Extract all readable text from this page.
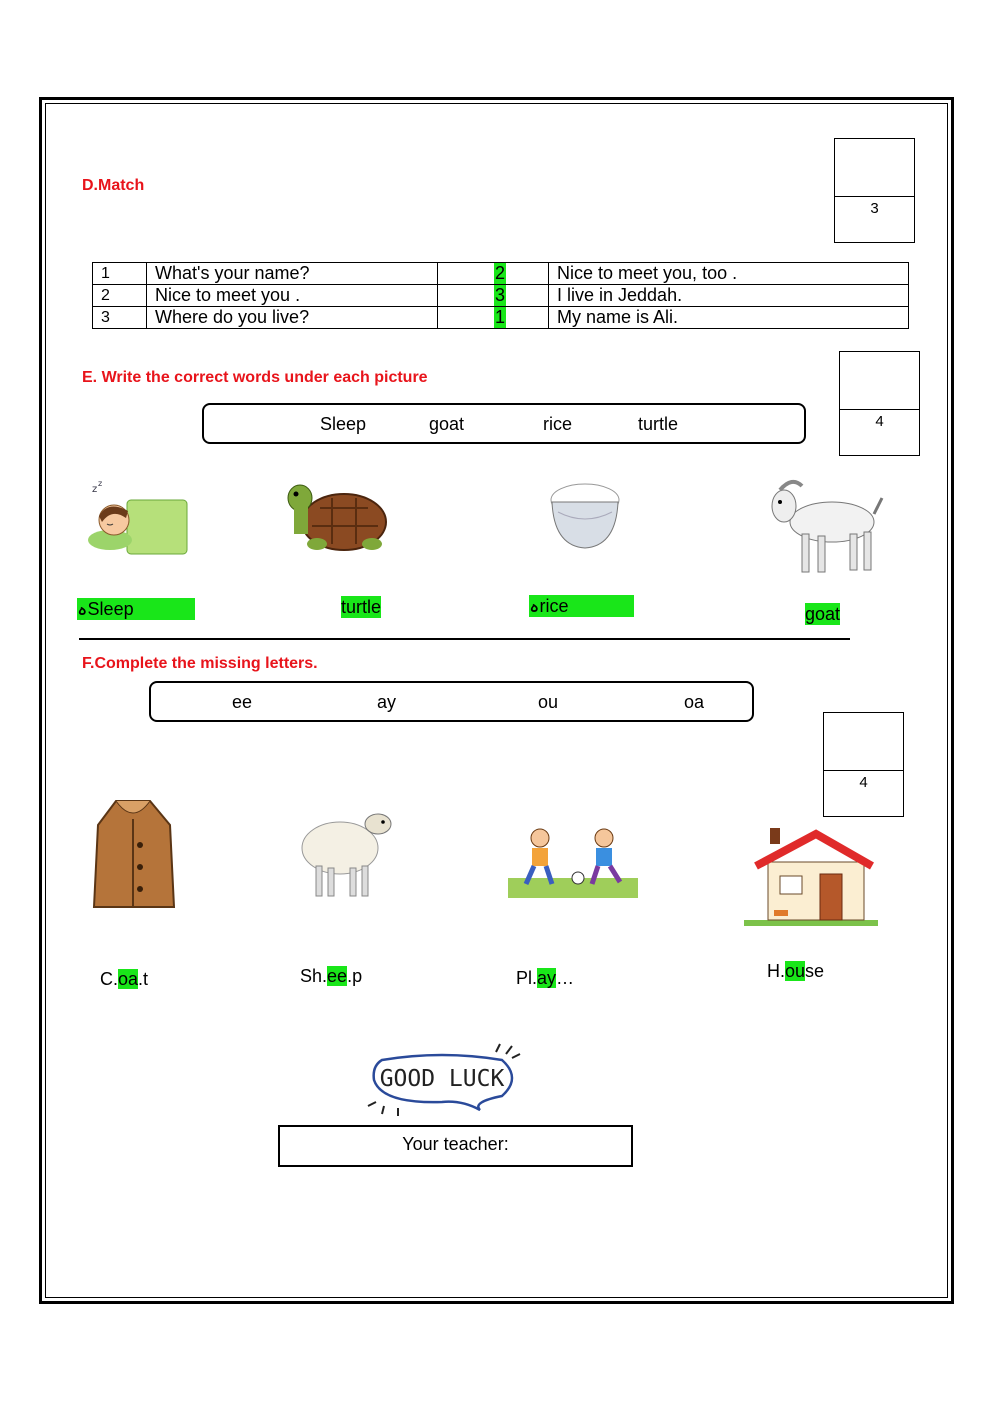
D.Match
3
1	What's your name?	2	Nice to meet you, too .
2	Nice to meet you .	3	I live in Jeddah.
3	Where do you live?	1	My name is Ali.
E. Write the correct words under each picture
4
Sleep	goat	rice	turtle
z
z
ہSleep	turtle	ہrice	goat
F.Complete the missing letters.
ee	ay	ou	oa
4
C.oa.t	Sh.ee.p	Pl.ay…	H.ouse
GOOD LUCK
Your teacher:
